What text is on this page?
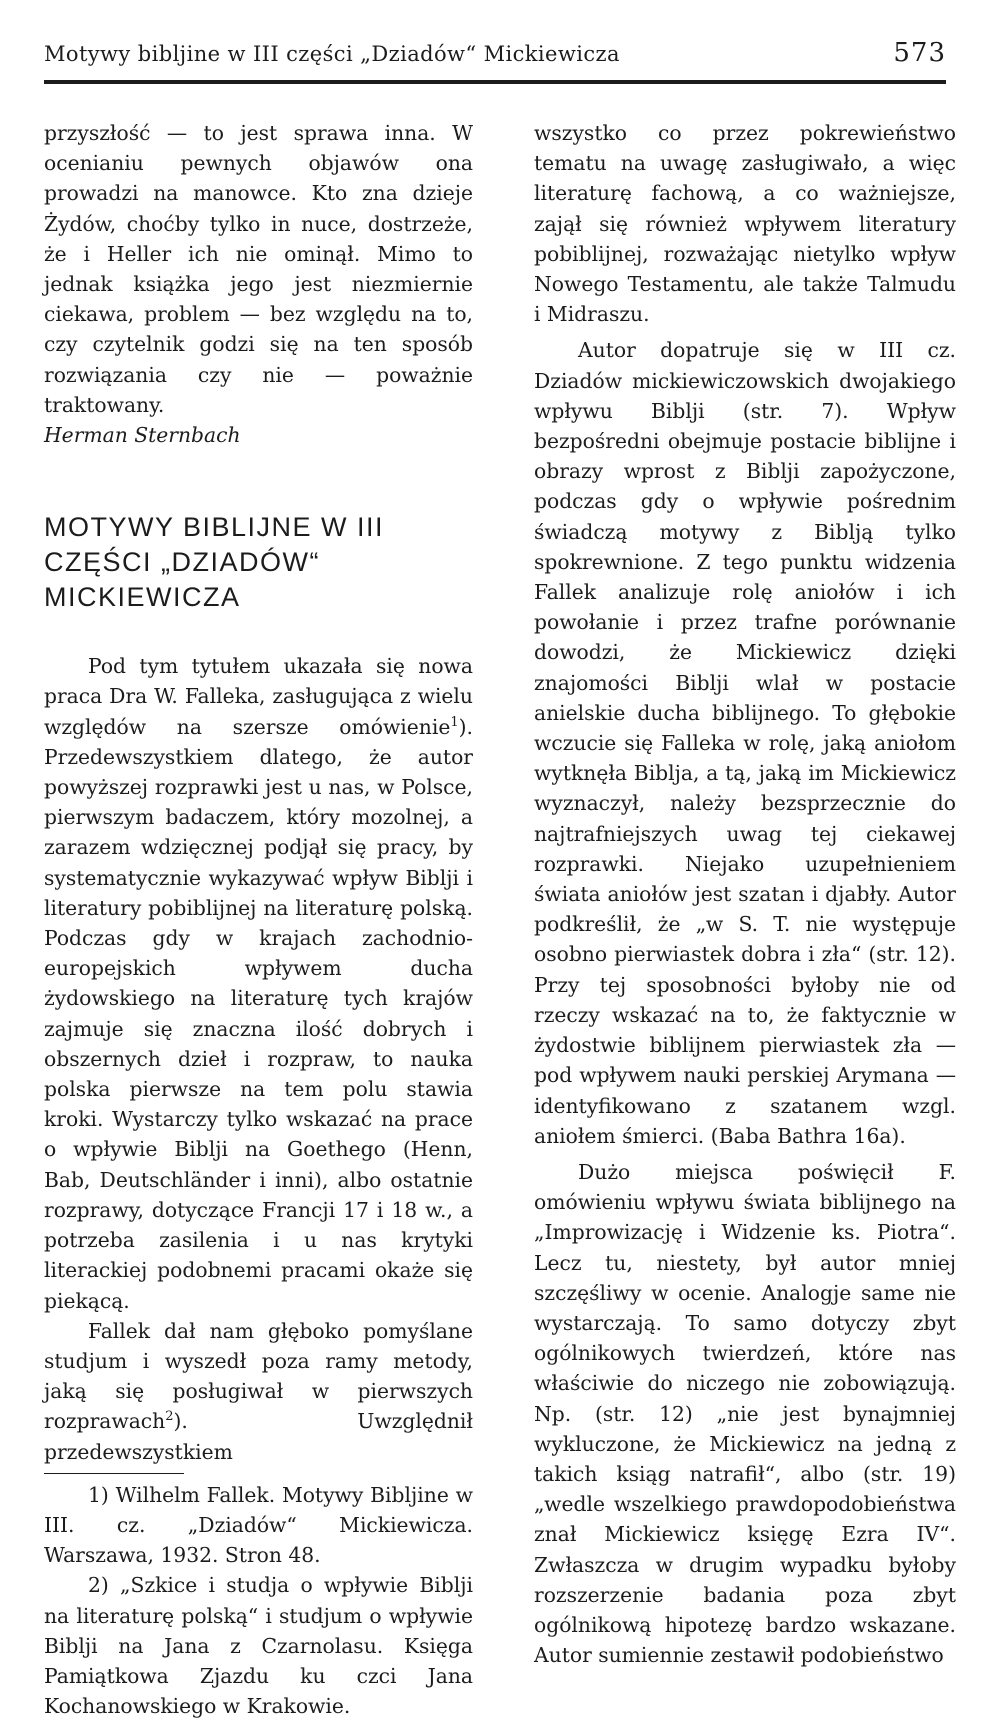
Motywy bibljine w III części „Dziadów“ Mickiewicza	573

przyszłość — to jest sprawa inna. W ocenianiu pewnych objawów ona prowadzi na manowce. Kto zna dzieje Żydów, choćby tylko in nuce, dostrzeże, że i Heller ich nie ominął. Mimo to jednak książka jego jest niezmiernie ciekawa, problem — bez względu na to, czy czytelnik godzi się na ten sposób rozwiązania czy nie — poważnie traktowany.

Herman Sternbach

MOTYWY BIBLIJNE W III
CZĘŚCI „DZIADÓW“
MICKIEWICZA

Pod tym tytułem ukazała się nowa praca Dra W. Falleka, zasługująca z wielu względów na szersze omówienie$^1$). Przedewszystkiem dlatego, że autor powyższej rozprawki jest u nas, w Polsce, pierwszym badaczem, który mozolnej, a zarazem wdzięcznej podjął się pracy, by systematycznie wykazywać wpływ Biblji i literatury pobiblijnej na literaturę polską. Podczas gdy w krajach zachodnio-europejskich wpływem ducha żydowskiego na literaturę tych krajów zajmuje się znaczna ilość dobrych i obszernych dzieł i rozpraw, to nauka polska pierwsze na tem polu stawia kroki. Wystarczy tylko wskazać na prace o wpływie Biblji na Goethego (Henn, Bab, Deutschländer i inni), albo ostatnie rozprawy, dotyczące Francji 17 i 18 w., a potrzeba zasilenia i u nas krytyki literackiej podobnemi pracami okaże się piekącą.

Fallek dał nam głęboko pomyślane studjum i wyszedł poza ramy metody, jaką się posługiwał w pierwszych rozprawach$^2$). Uwzględnił przedewszystkiem

1) Wilhelm Fallek. Motywy Bibljine w III. cz. „Dziadów“ Mickiewicza. Warszawa, 1932. Stron 48.

2) „Szkice i studja o wpływie Biblji na literaturę polską“ i studjum o wpływie Biblji na Jana z Czarnolasu. Księga Pamiątkowa Zjazdu ku czci Jana Kochanowskiego w Krakowie.

wszystko co przez pokrewieństwo tematu na uwagę zasługiwało, a więc literaturę fachową, a co ważniejsze, zajął się również wpływem literatury pobiblijnej, rozważając nietylko wpływ Nowego Testamentu, ale także Talmudu i Midraszu.

Autor dopatruje się w III cz. Dziadów mickiewiczowskich dwojakiego wpływu Biblji (str. 7). Wpływ bezpośredni obejmuje postacie biblijne i obrazy wprost z Biblji zapożyczone, podczas gdy o wpływie pośrednim świadczą motywy z Biblją tylko spokrewnione. Z tego punktu widzenia Fallek analizuje rolę aniołów i ich powołanie i przez trafne porównanie dowodzi, że Mickiewicz dzięki znajomości Biblji wlał w postacie anielskie ducha biblijnego. To głębokie wczucie się Falleka w rolę, jaką aniołom wytknęła Biblja, a tą, jaką im Mickiewicz wyznaczył, należy bezsprzecznie do najtrafniejszych uwag tej ciekawej rozprawki. Niejako uzupełnieniem świata aniołów jest szatan i djabły. Autor podkreślił, że „w S. T. nie występuje osobno pierwiastek dobra i zła“ (str. 12). Przy tej sposobności byłoby nie od rzeczy wskazać na to, że faktycznie w żydostwie biblijnem pierwiastek zła — pod wpływem nauki perskiej Arymana — identyfikowano z szatanem wzgl. aniołem śmierci. (Baba Bathra 16a).

Dużo miejsca poświęcił F. omówieniu wpływu świata biblijnego na „Improwizację i Widzenie ks. Piotra“. Lecz tu, niestety, był autor mniej szczęśliwy w ocenie. Analogje same nie wystarczają. To samo dotyczy zbyt ogólnikowych twierdzeń, które nas właściwie do niczego nie zobowiązują. Np. (str. 12) „nie jest bynajmniej wykluczone, że Mickiewicz na jedną z takich ksiąg natrafił“, albo (str. 19) „wedle wszelkiego prawdopodobieństwa znał Mickiewicz księgę Ezra IV“. Zwłaszcza w drugim wypadku byłoby rozszerzenie badania poza zbyt ogólnikową hipotezę bardzo wskazane. Autor sumiennie zestawił podobieństwo
